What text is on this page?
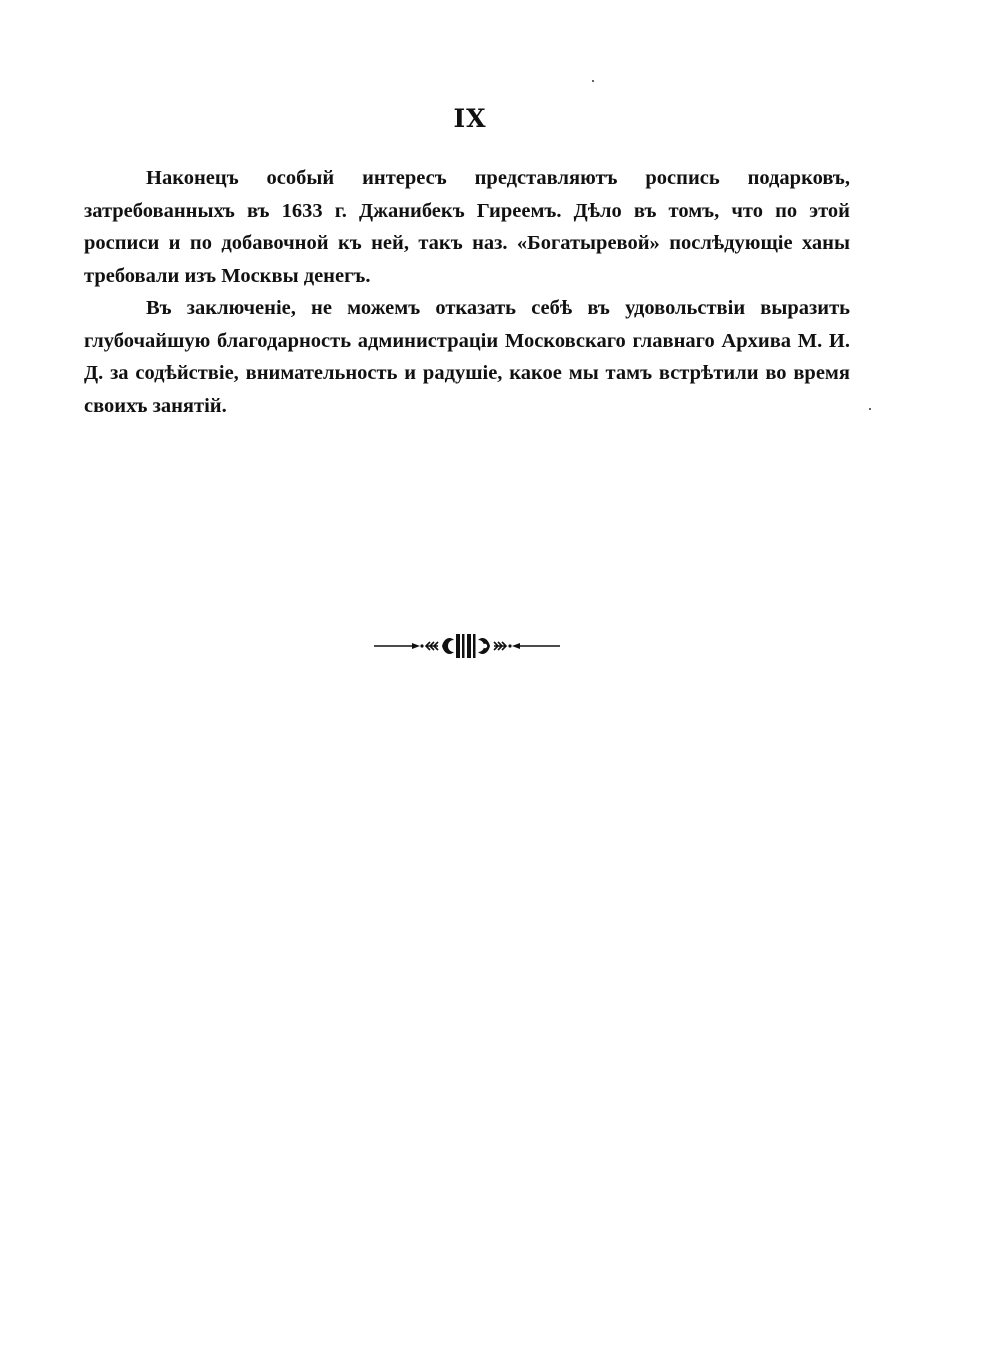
IX

Наконецъ особый интересъ представляютъ роспись подарковъ, затребованныхъ въ 1633 г. Джанибекъ Гиреемъ. Дѣло въ томъ, что по этой росписи и по добавочной къ ней, такъ наз. «Богатыревой» послѣдующіе ханы требовали изъ Москвы денегъ.

Въ заключеніе, не можемъ отказать себѣ въ удовольствіи выразить глубочайшую благодарность администраціи Московскаго главнаго Архива М. И. Д. за содѣйствіе, внимательность и радушіе, какое мы тамъ встрѣтили во время своихъ занятій.
